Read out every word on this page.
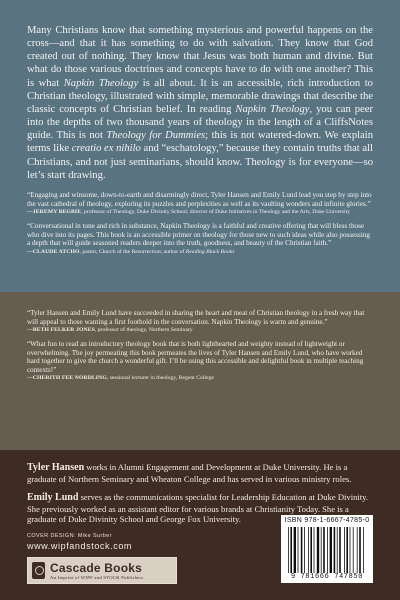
Many Christians know that something mysterious and powerful happens on the cross—and that it has something to do with salvation. They know that God created out of nothing. They know that Jesus was both human and divine. But what do those various doctrines and concepts have to do with one another? This is what Napkin Theology is all about. It is an accessible, rich introduction to Christian theology, illustrated with simple, memorable drawings that describe the classic concepts of Christian belief. In reading Napkin Theology, you can peer into the depths of two thousand years of theology in the length of a CliffsNotes guide. This is not Theology for Dummies; this is not watered-down. We explain terms like creatio ex nihilo and “eschatology,” because they contain truths that all Christians, and not just seminarians, should know. Theology is for everyone—so let’s start drawing.

“Engaging and winsome, down-to-earth and disarmingly direct, Tyler Hansen and Emily Lund lead you step by step into the vast cathedral of theology, exploring its puzzles and perplexities as well as its vaulting wonders and infinite glories.”

—JEREMY BEGBIE, professor of Theology, Duke Divinity School; director of Duke Initiatives in Theology and the Arts, Duke University

“Conversational in tone and rich in substance, Napkin Theology is a faithful and creative offering that will bless those who dive into its pages. This book is an accessible primer on theology for those new to such ideas while also possessing a depth that will guide seasoned readers deeper into the truth, goodness, and beauty of the Christian faith.”

—CLAUDE ATCHO, pastor, Church of the Resurrection; author of Reading Black Books

“Tyler Hansen and Emily Lund have succeeded in sharing the heart and meat of Christian theology in a fresh way that will appeal to those wanting a first foothold in the conversation. Napkin Theology is warm and genuine.”

—BETH FELKER JONES, professor of theology, Northern Seminary

“What fun to read an introductory theology book that is both lighthearted and weighty instead of lightweight or overwhelming. The joy permeating this book permeates the lives of Tyler Hansen and Emily Lund, who have worked hard together to give the church a wonderful gift. I’ll be using this accessible and delightful book in multiple teaching contexts!”

—CHERITH FEE NORDLING, sessional lecturer in theology, Regent College

Tyler Hansen works in Alumni Engagement and Development at Duke University. He is a graduate of Northern Seminary and Wheaton College and has served in various ministry roles.

Emily Lund serves as the communications specialist for Leadership Education at Duke Divinity. She previously worked as an assistant editor for various brands at Christianity Today. She is a graduate of Duke Divinity School and George Fox University.

COVER DESIGN: Mike Surber
www.wipfandstock.com
Cascade Books
An Imprint of WIPF and STOCK Publishers
ISBN 978-1-6667-4785-0
9 781666 747850
